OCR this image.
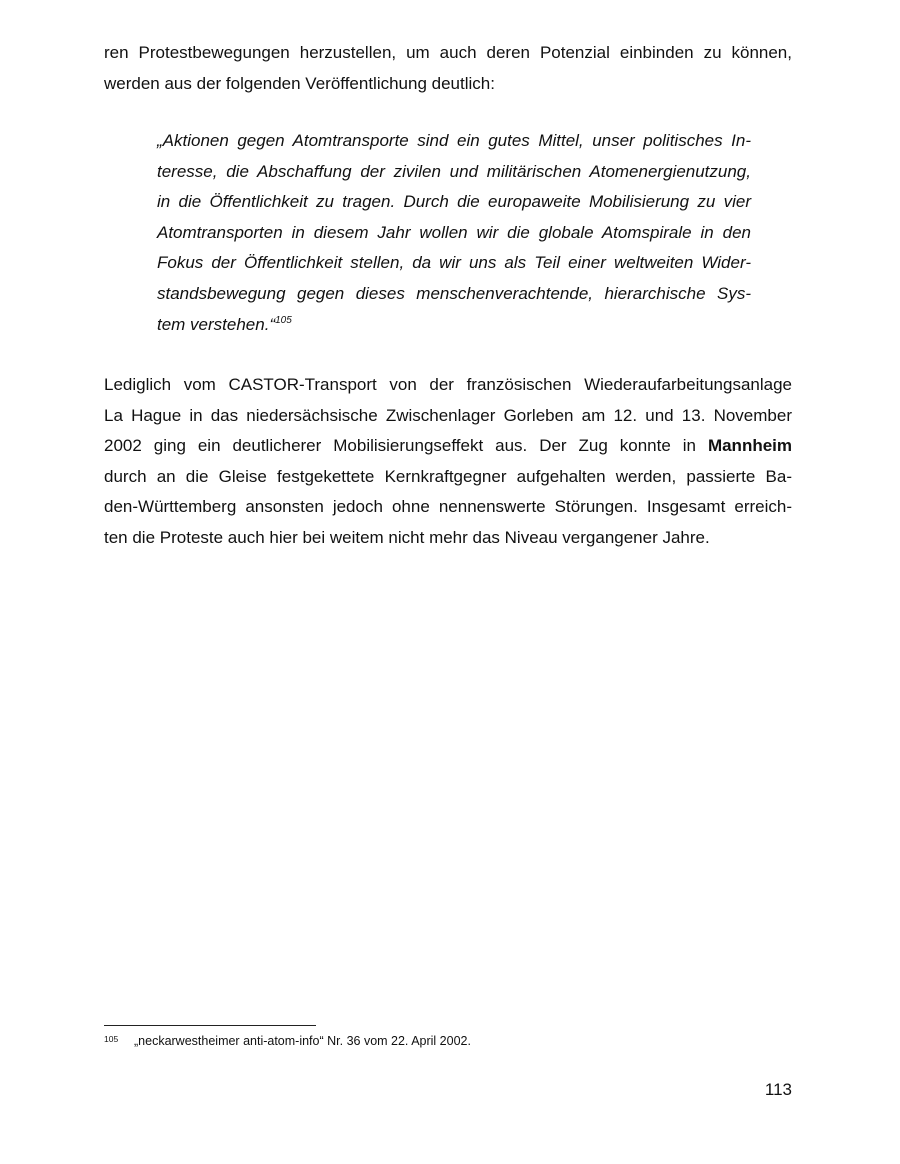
ren Protestbewegungen herzustellen, um auch deren Potenzial einbinden zu können,
werden aus der folgenden Veröffentlichung deutlich:
„Aktionen gegen Atomtransporte sind ein gutes Mittel, unser politisches In-
teresse, die Abschaffung der zivilen und militärischen Atomenergienutzung,
in die Öffentlichkeit zu tragen. Durch die europaweite Mobilisierung zu vier
Atomtransporten in diesem Jahr wollen wir die globale Atomspirale in den
Fokus der Öffentlichkeit stellen, da wir uns als Teil einer weltweiten Wider-
standsbewegung gegen dieses menschenverachtende, hierarchische Sys-
tem verstehen.“$^{105}$
Lediglich vom CASTOR-Transport von der französischen Wiederaufarbeitungsanlage
La Hague in das niedersächsische Zwischenlager Gorleben am 12. und 13. November
2002 ging ein deutlicherer Mobilisierungseffekt aus. Der Zug konnte in Mannheim
durch an die Gleise festgekettete Kernkraftgegner aufgehalten werden, passierte Ba-
den-Württemberg ansonsten jedoch ohne nennenswerte Störungen. Insgesamt erreich-
ten die Proteste auch hier bei weitem nicht mehr das Niveau vergangener Jahre.
105 „neckarwestheimer anti-atom-info“ Nr. 36 vom 22. April 2002.
113
